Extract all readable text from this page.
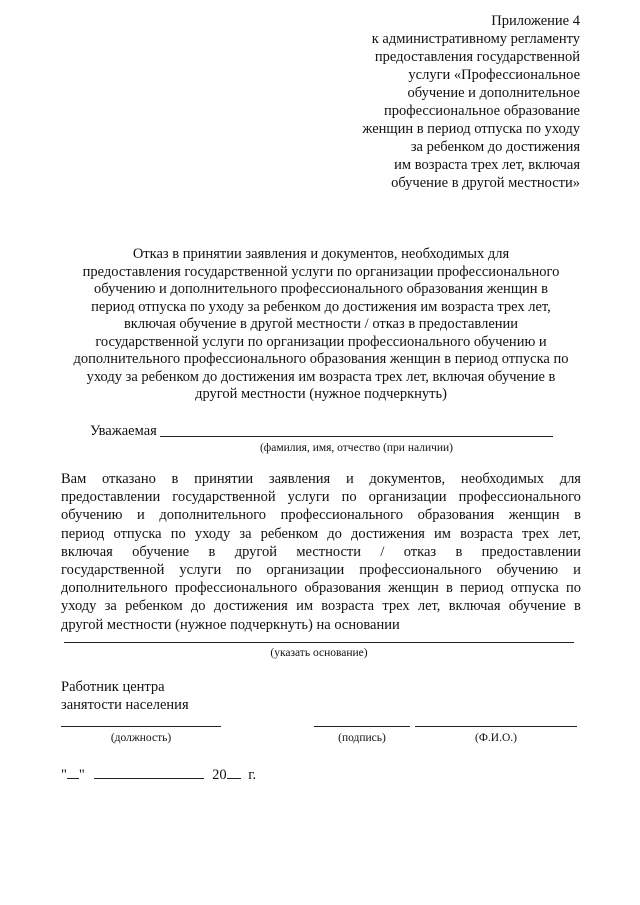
Приложение 4
к административному регламенту
предоставления государственной
услуги «Профессиональное
обучение и дополнительное
профессиональное образование
женщин в период отпуска по уходу
за ребенком до достижения
им возраста трех лет, включая
обучение в другой местности»
Отказ в принятии заявления и документов, необходимых для
предоставления государственной услуги по организации профессионального
обучению и дополнительного профессионального образования женщин в
период отпуска по уходу за ребенком до достижения им возраста трех лет,
включая обучение в другой местности / отказ в предоставлении
государственной услуги по организации профессионального обучению и
дополнительного профессионального образования женщин в период отпуска по
уходу за ребенком до достижения им возраста трех лет, включая обучение в
другой местности (нужное подчеркнуть)
Уважаемая
(фамилия, имя, отчество (при наличии)
Вам отказано в принятии заявления и документов, необходимых для
предоставлении государственной услуги по организации профессионального
обучению и дополнительного профессионального образования женщин в
период отпуска по уходу за ребенком до достижения им возраста трех лет,
включая обучение в другой местности / отказ в предоставлении
государственной услуги по организации профессионального обучению и
дополнительного профессионального образования женщин в период отпуска по
уходу за ребенком до достижения им возраста трех лет, включая обучение в
другой местности (нужное подчеркнуть) на основании
(указать основание)
Работник центра
занятости населения
(должность)	(подпись)	(Ф.И.О.)
" "	20 г.
